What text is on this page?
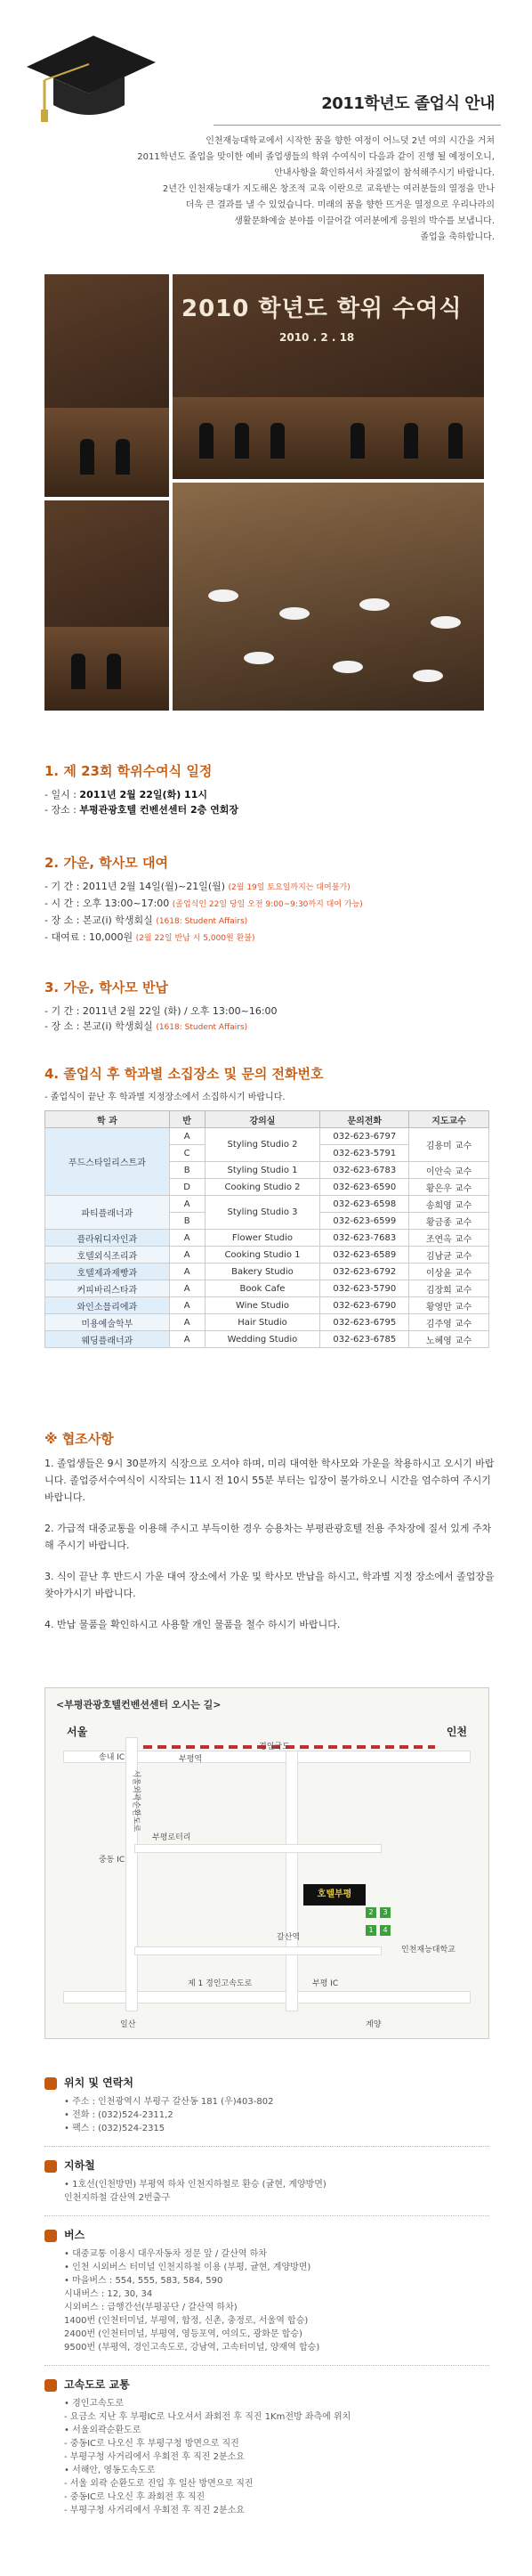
2011학년도 졸업식 안내
인천재능대학교에서 시작한 꿈을 향한 여정이 어느덧 2년 여의 시간을 거쳐
2011학년도 졸업을 맞이한 예비 졸업생들의 학위 수여식이 다음과 같이 진행 될 예정이오니,
안내사항을 확인하셔서 차질없이 참석해주시기 바랍니다.
2년간 인천재능대가 지도해온 창조적 교육 이란으로 교육받는 여러분들의 열정을 만나
더욱 큰 결과를 낼 수 있었습니다. 미래의 꿈을 향한 뜨거운 열정으로 우리나라의
생활문화예술 분야를 이끌어갈 여러분에게 응원의 박수를 보냅니다.
졸업을 축하합니다.
2010 학년도 학위 수여식
2010 . 2 . 18
1. 제 23회 학위수여식 일정
- 일시 : 2011년 2월 22일(화) 11시
- 장소 : 부평관광호텔 컨벤션센터 2층 연회장
2. 가운, 학사모 대여
- 기 간 : 2011년 2월 14일(월)~21일(월) (2월 19일 토요일까지는 대여불가)
- 시 간 : 오후 13:00~17:00 (졸업식인 22일 당일 오전 9:00~9:30까지 대여 가능)
- 장 소 : 본교(i) 학생회실 (1618: Student Affairs)
- 대여료 : 10,000원 (2월 22일 반납 시 5,000원 환불)
3. 가운, 학사모 반납
- 기 간 : 2011년 2월 22일 (화) / 오후 13:00~16:00
- 장 소 : 본교(i) 학생회실 (1618: Student Affairs)
4. 졸업식 후 학과별 소집장소 및 문의 전화번호
- 졸업식이 끝난 후 학과별 지정장소에서 소집하시기 바랍니다.
학 과	반	강의실	문의전화	지도교수
푸드스타일리스트과	A	Styling Studio 2	032-623-6797	김용미 교수
	C		032-623-5791	
	B	Styling Studio 1	032-623-6783	이안숙 교수
	D	Cooking Studio 2	032-623-6590	황은우 교수
파티플래너과	A	Styling Studio 3	032-623-6598	송희영 교수
	B		032-623-6599	황금종 교수
플라워디자인과	A	Flower Studio	032-623-7683	조연옥 교수
호텔외식조리과	A	Cooking Studio 1	032-623-6589	김남균 교수
호텔제과제빵과	A	Bakery Studio	032-623-6792	이상윤 교수
커피바리스타과	A	Book Cafe	032-623-5790	김장희 교수
와인소믈리에과	A	Wine Studio	032-623-6790	황영만 교수
미용예술학부	A	Hair Studio	032-623-6795	김주영 교수
웨딩플래너과	A	Wedding Studio	032-623-6785	노혜영 교수
※ 협조사항

1. 졸업생들은 9시 30분까지 식장으로 오셔야 하며, 미리 대여한 학사모와 가운을 착용하시고 오시기 바랍니다. 졸업증서수여식이 시작되는 11시 전 10시 55분 부터는 입장이 불가하오니 시간을 엄수하여 주시기 바랍니다.

2. 가급적 대중교통을 이용해 주시고 부득이한 경우 승용차는 부평관광호텔 전용 주차장에 질서 있게 주차해 주시기 바랍니다.

3. 식이 끝난 후 반드시 가운 대여 장소에서 가운 및 학사모 반납을 하시고, 학과별 지정 장소에서 졸업장을 찾아가시기 바랍니다.

4. 반납 물품을 확인하시고 사용할 개인 물품을 철수 하시기 바랍니다.

<부평관광호텔컨벤션센터 오시는 길>
서울	인천
경인국도
부평역
부평로터리
서울외곽순환도로
갈산역
중동 IC
송내 IC
호텔부평
2	3
1	4
인천재능대학교
제 1 경인고속도로	부평 IC
일산	계양
위치 및 연락처
• 주소 : 인천광역시 부평구 갈산동 181 (우)403-802
• 전화 : (032)524-2311,2
• 팩스 : (032)524-2315
지하철
• 1호선(인천방면) 부평역 하차 인천지하철로 환승 (귤현, 계양방면)
인천지하철 갈산역 2번출구
버스
• 대중교통 이용시 대우자동차 정문 앞 / 갈산역 하차
• 인천 시외버스 터미널 인천지하철 이용 (부평, 귤현, 계양방면)
• 마을버스 : 554, 555, 583, 584, 590
시내버스 : 12, 30, 34
시외버스 : 급행간선(부평공단 / 갈산역 하차)
1400번 (인천터미널, 부평역, 합정, 신촌, 충정로, 서울역 합승)
2400번 (인천터미널, 부평역, 영등포역, 여의도, 광화문 합승)
9500번 (부평역, 경인고속도로, 강남역, 고속터미널, 양재역 합승)
고속도로 교통
• 경인고속도로
- 요금소 지난 후 부평IC로 나오셔서 좌회전 후 직진 1Km전방 좌측에 위치
• 서울외곽순환도로
- 중동IC로 나오신 후 부평구청 방면으로 직진
- 부평구청 사거리에서 우회전 후 직진 2분소요
• 서해안, 영동도속도로
- 서울 외곽 순환도로 진입 후 일산 방면으로 직진
- 중동IC로 나오신 후 좌회전 후 직진
- 부평구청 사거리에서 우회전 후 직진 2분소요
